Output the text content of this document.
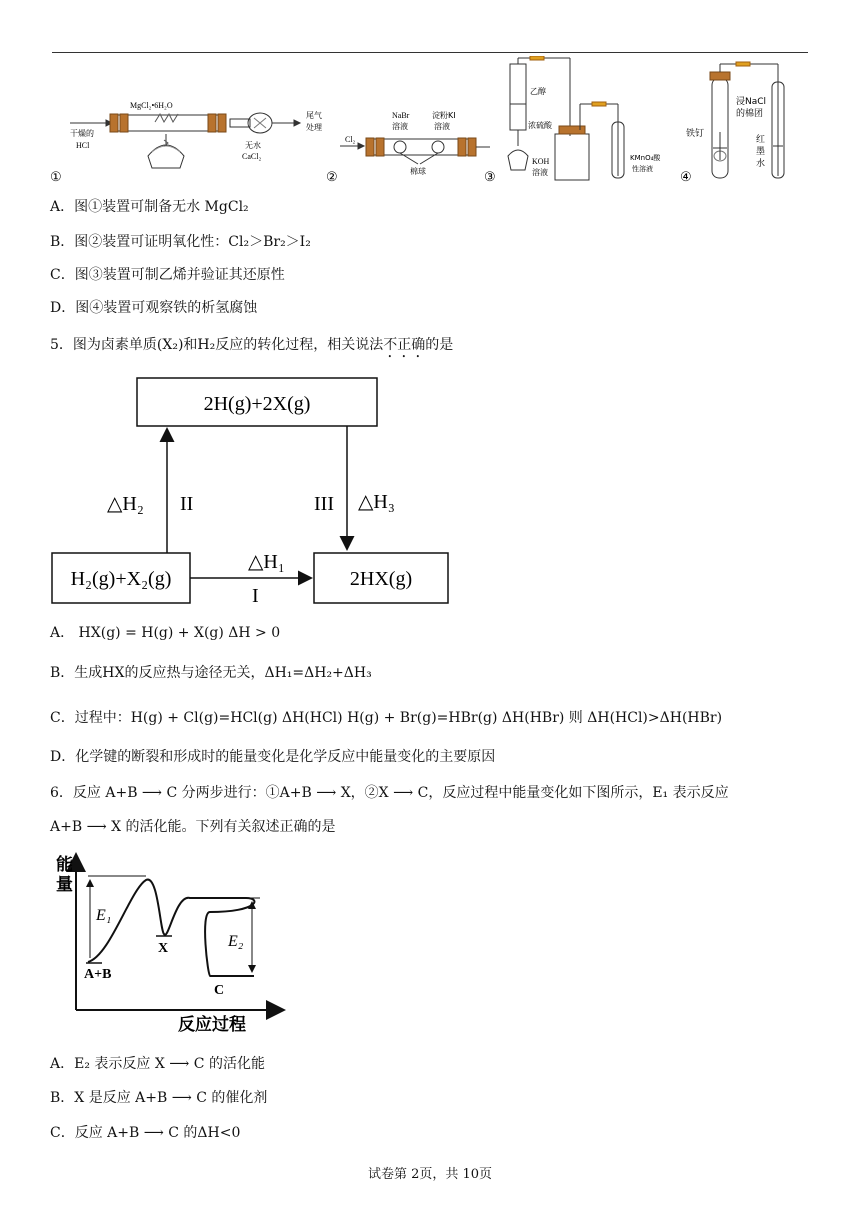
①
MgCl₂•6H₂O
干燥的
HCl	无水
CaCl₂
尾气
处理
Cl₂
NaBr
溶液
淀粉KI
溶液
棉球
②
乙醇
浓硫酸
KOH
溶液
KMnO₄酸
性溶液
③
浸NaCl
的棉团
铁钉
红
墨
水
④
A．图①装置可制备无水 MgCl₂
B．图②装置可证明氧化性：Cl₂＞Br₂＞I₂
C．图③装置可制乙烯并验证其还原性
D．图④装置可观察铁的析氢腐蚀
5．图为卤素单质(X₂)和H₂反应的转化过程，相关说法不正确的是
2H(g)+2X(g)
H₂(g)+X₂(g)	2HX(g)
△H₂ II	III △H₃
△H₁
I
A． HX(g) = H(g) + X(g) ΔH > 0
B．生成HX的反应热与途径无关，ΔH₁=ΔH₂+ΔH₃
C．过程中：H(g) + Cl(g)=HCl(g) ΔH(HCl) H(g) + Br(g)=HBr(g) ΔH(HBr) 则 ΔH(HCl)>ΔH(HBr)
D．化学键的断裂和形成时的能量变化是化学反应中能量变化的主要原因
6．反应 A+B ⟶ C 分两步进行：①A+B ⟶ X，②X ⟶ C，反应过程中能量变化如下图所示，E₁ 表示反应
A+B ⟶ X 的活化能。下列有关叙述正确的是
能
量
反应过程
E₁
E₂
A+B
X
C
A．E₂ 表示反应 X ⟶ C 的活化能
B．X 是反应 A+B ⟶ C 的催化剂
C．反应 A+B ⟶ C 的ΔH<0
试卷第 2页，共 10页
